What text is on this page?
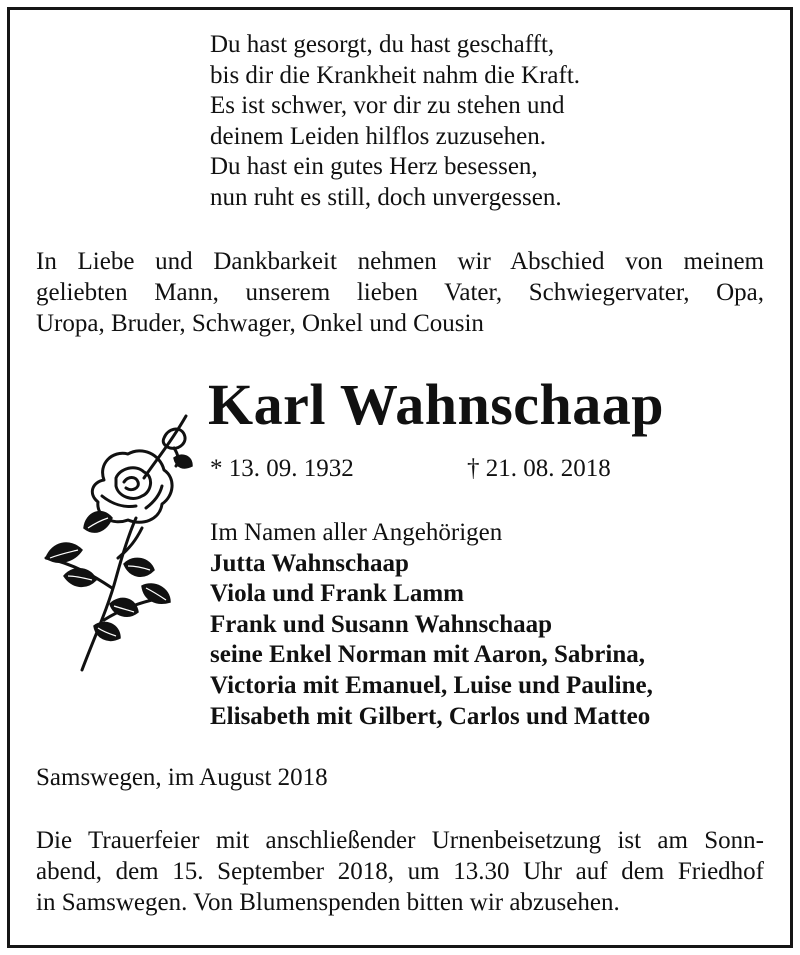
Du hast gesorgt, du hast geschafft,
bis dir die Krankheit nahm die Kraft.
Es ist schwer, vor dir zu stehen und
deinem Leiden hilflos zuzusehen.
Du hast ein gutes Herz besessen,
nun ruht es still, doch unvergessen.
In Liebe und Dankbarkeit nehmen wir Abschied von meinem
geliebten Mann, unserem lieben Vater, Schwiegervater, Opa,
Uropa, Bruder, Schwager, Onkel und Cousin
Karl Wahnschaap
* 13. 09. 1932	† 21. 08. 2018
Im Namen aller Angehörigen
Jutta Wahnschaap
Viola und Frank Lamm
Frank und Susann Wahnschaap
seine Enkel Norman mit Aaron, Sabrina,
Victoria mit Emanuel, Luise und Pauline,
Elisabeth mit Gilbert, Carlos und Matteo
Samswegen, im August 2018
Die Trauerfeier mit anschließender Urnenbeisetzung ist am Sonn-
abend, dem 15. September 2018, um 13.30 Uhr auf dem Friedhof
in Samswegen. Von Blumenspenden bitten wir abzusehen.
